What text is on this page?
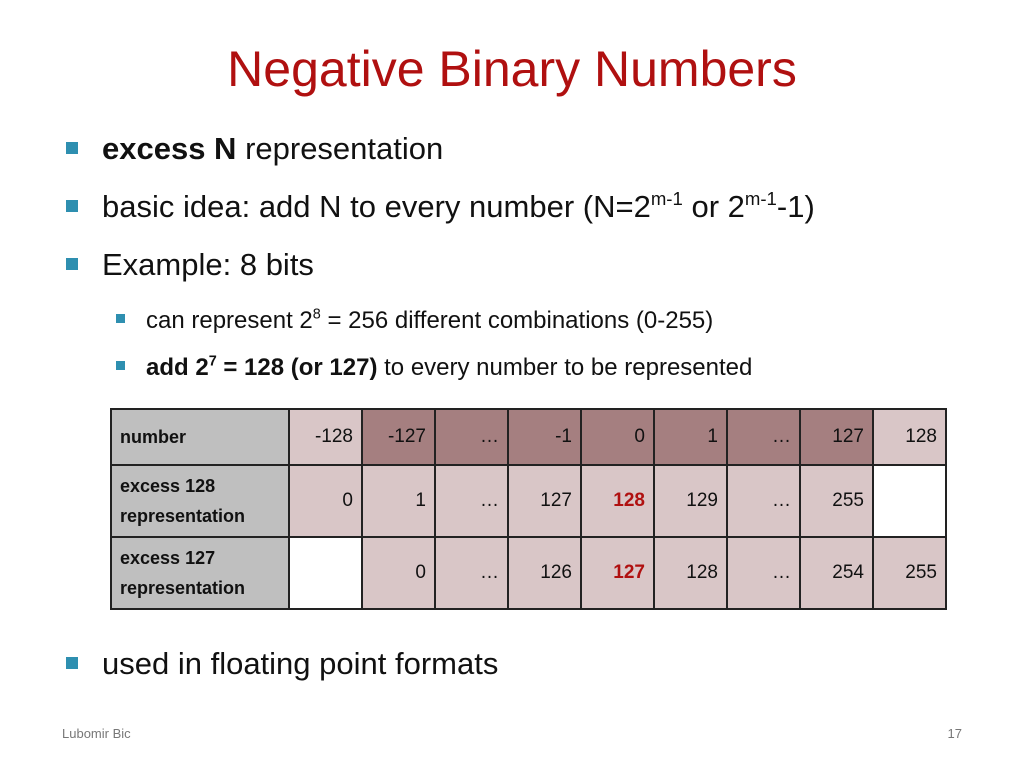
Negative Binary Numbers
excess N representation
basic idea: add N to every number ($N=2^{m-1}$ or 2$^{m-1}$-1)
Example: 8 bits
can represent $2^8 = 256$ different combinations (0-255)
add $2^7 = 128$ (or 127) to every number to be represented
number	-128	-127	…	-1	0	1	…	127	128
excess 128 representation	0	1	…	127	128	129	…	255	
excess 127 representation		0	…	126	127	128	…	254	255
used in floating point formats
Lubomir Bic	17
